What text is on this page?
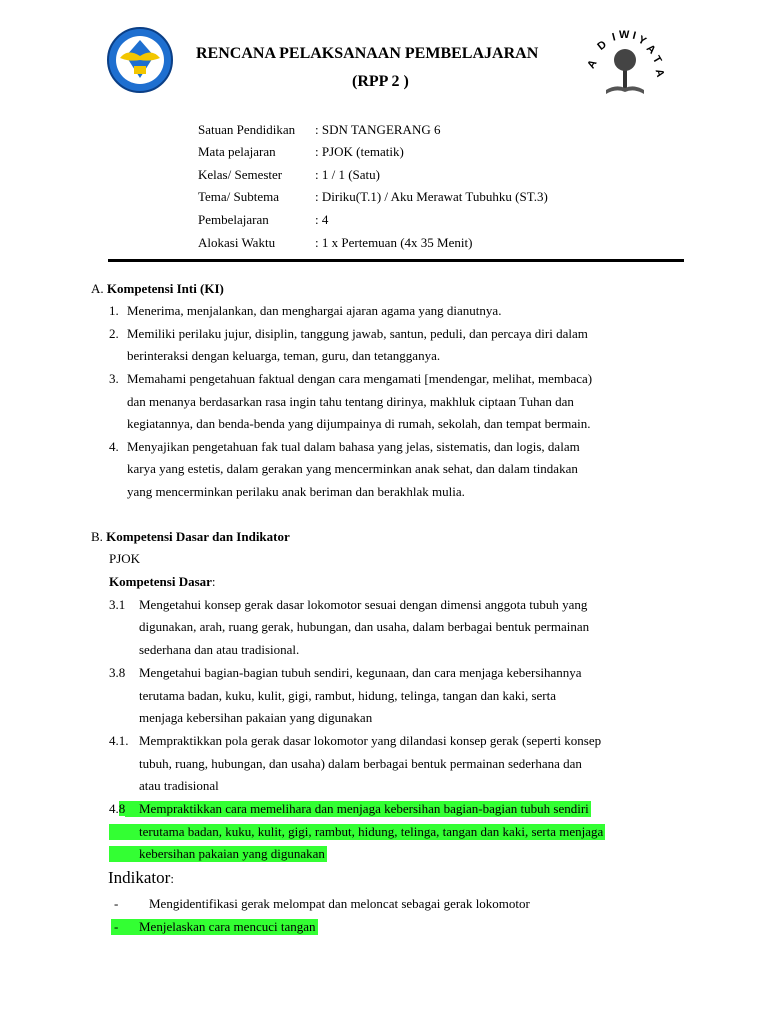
A
D
I W I
Y
A
T
A
RENCANA PELAKSANAAN PEMBELAJARAN
(RPP 2 )
Satuan Pendidikan : SDN TANGERANG 6
Mata pelajaran	: PJOK (tematik)
Kelas/ Semester	: 1 / 1 (Satu)
Tema/ Subtema	: Diriku(T.1) / Aku Merawat Tubuhku (ST.3)
Pembelajaran	: 4
Alokasi Waktu	: 1 x Pertemuan (4x 35 Menit)
A. Kompetensi Inti (KI)
1. Menerima, menjalankan, dan menghargai ajaran agama yang dianutnya.
2. Memiliki perilaku jujur, disiplin, tanggung jawab, santun, peduli, dan percaya diri dalam
berinteraksi dengan keluarga, teman, guru, dan tetangganya.
3. Memahami pengetahuan faktual dengan cara mengamati [mendengar, melihat, membaca)
dan menanya berdasarkan rasa ingin tahu tentang dirinya, makhluk ciptaan Tuhan dan
kegiatannya, dan benda-benda yang dijumpainya di rumah, sekolah, dan tempat bermain.
4. Menyajikan pengetahuan fak tual dalam bahasa yang jelas, sistematis, dan logis, dalam
karya yang estetis, dalam gerakan yang mencerminkan anak sehat, dan dalam tindakan
yang mencerminkan perilaku anak beriman dan berakhlak mulia.
B. Kompetensi Dasar dan Indikator
PJOK
Kompetensi Dasar:
3.1 Mengetahui konsep gerak dasar lokomotor sesuai dengan dimensi anggota tubuh yang
digunakan, arah, ruang gerak, hubungan, dan usaha, dalam berbagai bentuk permainan
sederhana dan atau tradisional.
3.8 Mengetahui bagian-bagian tubuh sendiri, kegunaan, dan cara menjaga kebersihannya
terutama badan, kuku, kulit, gigi, rambut, hidung, telinga, tangan dan kaki, serta
menjaga kebersihan pakaian yang digunakan
4.1. Mempraktikkan pola gerak dasar lokomotor yang dilandasi konsep gerak (seperti konsep
tubuh, ruang, hubungan, dan usaha) dalam berbagai bentuk permainan sederhana dan
atau tradisional
4.8	Mempraktikkan cara memelihara dan menjaga kebersihan bagian-bagian tubuh sendiri
terutama badan, kuku, kulit, gigi, rambut, hidung, telinga, tangan dan kaki, serta menjaga
kebersihan pakaian yang digunakan
Indikator:
- Mengidentifikasi gerak melompat dan meloncat sebagai gerak lokomotor
-	Menjelaskan cara mencuci tangan
